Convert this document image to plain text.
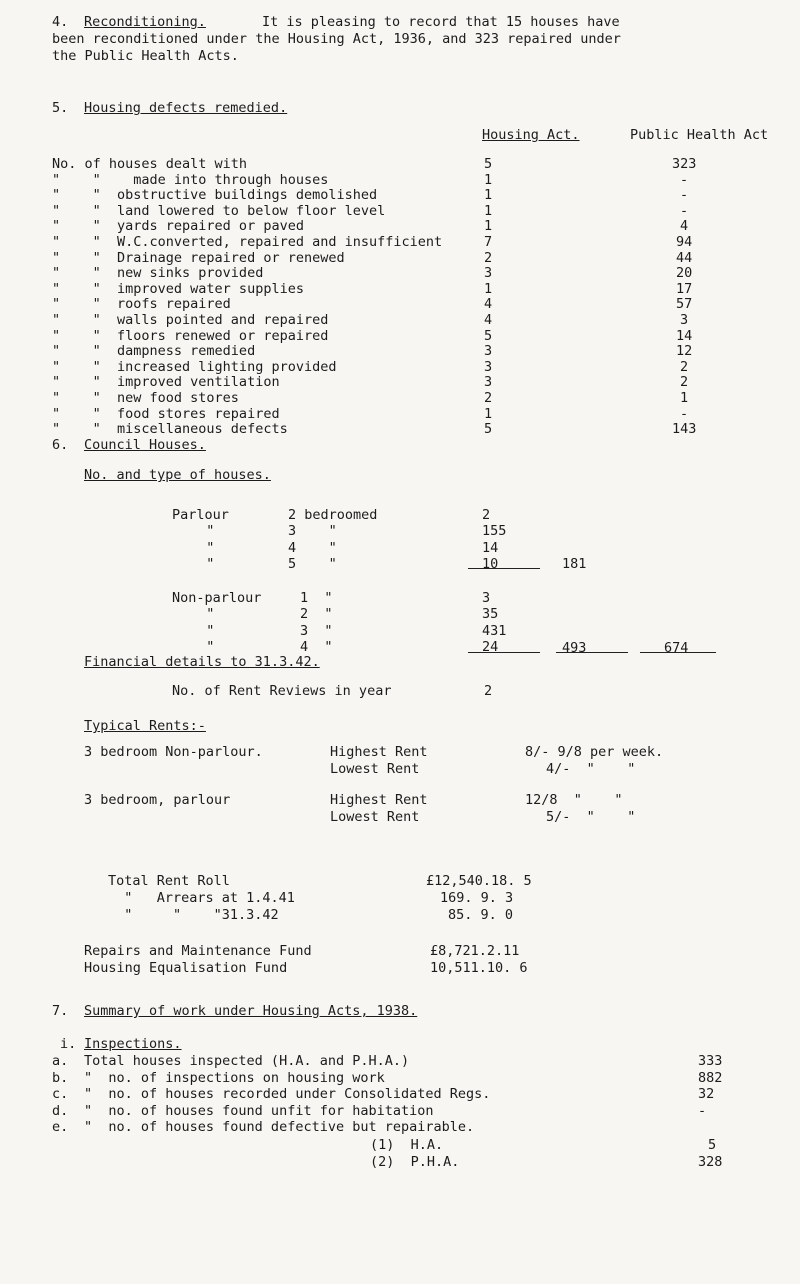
4. Reconditioning.	It is pleasing to record that 15 houses have
been reconditioned under the Housing Act, 1936, and 323 repaired under
the Public Health Acts.
5. Housing defects remedied.
Housing Act.	Public Health Act
No. of houses dealt with	5	323
"    "    made into through houses	1	-
"    "  obstructive buildings demolished	1	-
"    "  land lowered to below floor level	1	-
"    "  yards repaired or paved	1	4
"    "  W.C.converted, repaired and insufficient	7	94
"    "  Drainage repaired or renewed	2	44
"    "  new sinks provided	3	20
"    "  improved water supplies	1	17
"    "  roofs repaired	4	57
"    "  walls pointed and repaired	4	3
"    "  floors renewed or repaired	5	14
"    "  dampness remedied	3	12
"    "  increased lighting provided	3	2
"    "  improved ventilation	3	2
"    "  new food stores	2	1
"    "  food stores repaired	1	-
"    "  miscellaneous defects	5	143
6. Council Houses.
No. and type of houses.
Parlour	2 bedroomed	2
"	3    "	155
"	4    "	14
"	5    "	10	181
Non-parlour	1  "	3
"	2  "	35
"	3  "	431
"	4  "	24	493	674
Financial details to 31.3.42.
No. of Rent Reviews in year	2
Typical Rents:-
3 bedroom Non-parlour.	Highest Rent	8/- 9/8 per week.
Lowest Rent	4/-  "    "
3 bedroom, parlour	Highest Rent	12/8  "    "
Lowest Rent	5/-  "    "
Total Rent Roll	£12,540.18. 5
"   Arrears at 1.4.41	169. 9. 3
"     "    "31.3.42	85. 9. 0
Repairs and Maintenance Fund	£8,721.2.11
Housing Equalisation Fund	10,511.10. 6
7. Summary of work under Housing Acts, 1938.
i. Inspections.
a. Total houses inspected (H.A. and P.H.A.)	333
b. "  no. of inspections on housing work	882
c. "  no. of houses recorded under Consolidated Regs.	32
d. "  no. of houses found unfit for habitation	-
e. "  no. of houses found defective but repairable.
(1)  H.A.	5
(2)  P.H.A.	328
